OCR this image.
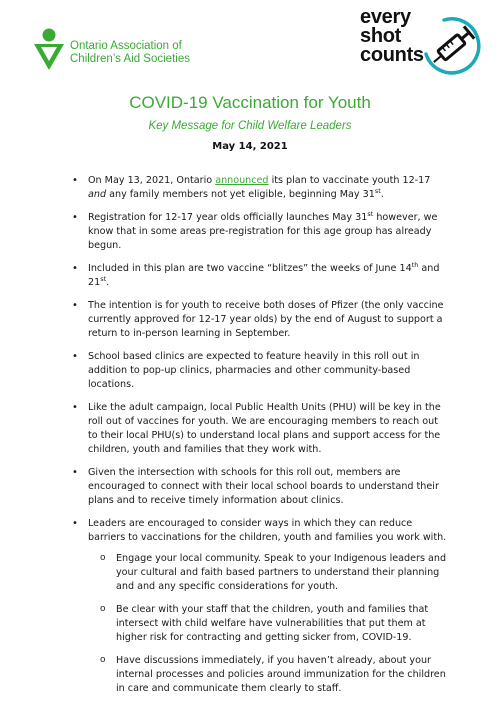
Ontario Association of
Children’s Aid Societies
every
shot
counts
COVID-19 Vaccination for Youth
Key Message for Child Welfare Leaders
May 14, 2021
• On May 13, 2021, Ontario announced its plan to vaccinate youth 12-17 and any family members not yet eligible, beginning May 31st.
• Registration for 12-17 year olds officially launches May 31st however, we know that in some areas pre-registration for this age group has already begun.
• Included in this plan are two vaccine “blitzes” the weeks of June 14th and 21st.
• The intention is for youth to receive both doses of Pfizer (the only vaccine currently approved for 12-17 year olds) by the end of August to support a return to in-person learning in September.
• School based clinics are expected to feature heavily in this roll out in addition to pop-up clinics, pharmacies and other community-based locations.
• Like the adult campaign, local Public Health Units (PHU) will be key in the roll out of vaccines for youth. We are encouraging members to reach out to their local PHU(s) to understand local plans and support access for the children, youth and families that they work with.
• Given the intersection with schools for this roll out, members are encouraged to connect with their local school boards to understand their plans and to receive timely information about clinics.
• Leaders are encouraged to consider ways in which they can reduce barriers to vaccinations for the children, youth and families you work with.
o Engage your local community. Speak to your Indigenous leaders and your cultural and faith based partners to understand their planning and and any specific considerations for youth.
o Be clear with your staff that the children, youth and families that intersect with child welfare have vulnerabilities that put them at higher risk for contracting and getting sicker from, COVID-19.
o Have discussions immediately, if you haven’t already, about your internal processes and policies around immunization for the children in care and communicate them clearly to staff.
